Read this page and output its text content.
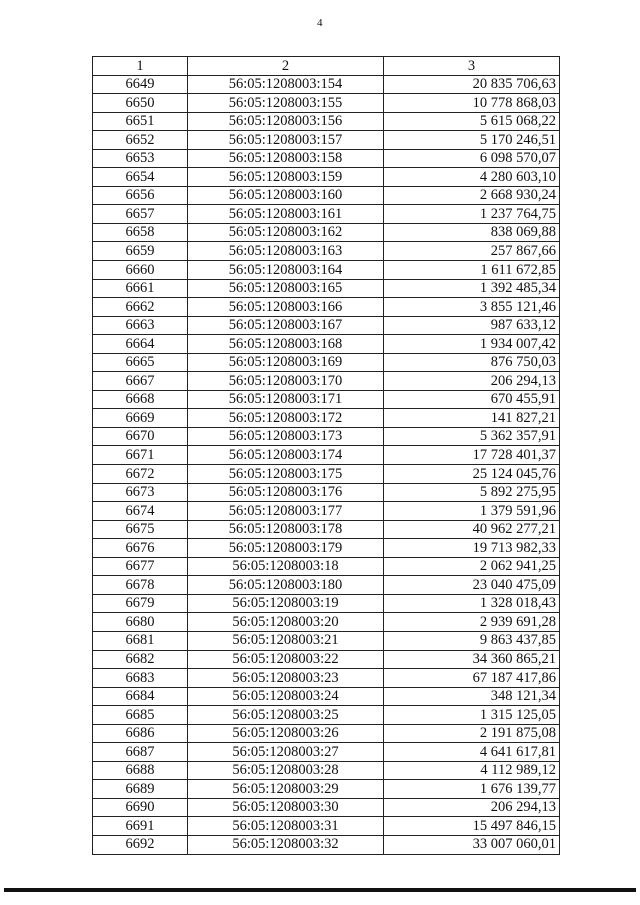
4
1	2	3
6649	56:05:1208003:154	20 835 706,63
6650	56:05:1208003:155	10 778 868,03
6651	56:05:1208003:156	5 615 068,22
6652	56:05:1208003:157	5 170 246,51
6653	56:05:1208003:158	6 098 570,07
6654	56:05:1208003:159	4 280 603,10
6656	56:05:1208003:160	2 668 930,24
6657	56:05:1208003:161	1 237 764,75
6658	56:05:1208003:162	838 069,88
6659	56:05:1208003:163	257 867,66
6660	56:05:1208003:164	1 611 672,85
6661	56:05:1208003:165	1 392 485,34
6662	56:05:1208003:166	3 855 121,46
6663	56:05:1208003:167	987 633,12
6664	56:05:1208003:168	1 934 007,42
6665	56:05:1208003:169	876 750,03
6667	56:05:1208003:170	206 294,13
6668	56:05:1208003:171	670 455,91
6669	56:05:1208003:172	141 827,21
6670	56:05:1208003:173	5 362 357,91
6671	56:05:1208003:174	17 728 401,37
6672	56:05:1208003:175	25 124 045,76
6673	56:05:1208003:176	5 892 275,95
6674	56:05:1208003:177	1 379 591,96
6675	56:05:1208003:178	40 962 277,21
6676	56:05:1208003:179	19 713 982,33
6677	56:05:1208003:18	2 062 941,25
6678	56:05:1208003:180	23 040 475,09
6679	56:05:1208003:19	1 328 018,43
6680	56:05:1208003:20	2 939 691,28
6681	56:05:1208003:21	9 863 437,85
6682	56:05:1208003:22	34 360 865,21
6683	56:05:1208003:23	67 187 417,86
6684	56:05:1208003:24	348 121,34
6685	56:05:1208003:25	1 315 125,05
6686	56:05:1208003:26	2 191 875,08
6687	56:05:1208003:27	4 641 617,81
6688	56:05:1208003:28	4 112 989,12
6689	56:05:1208003:29	1 676 139,77
6690	56:05:1208003:30	206 294,13
6691	56:05:1208003:31	15 497 846,15
6692	56:05:1208003:32	33 007 060,01
